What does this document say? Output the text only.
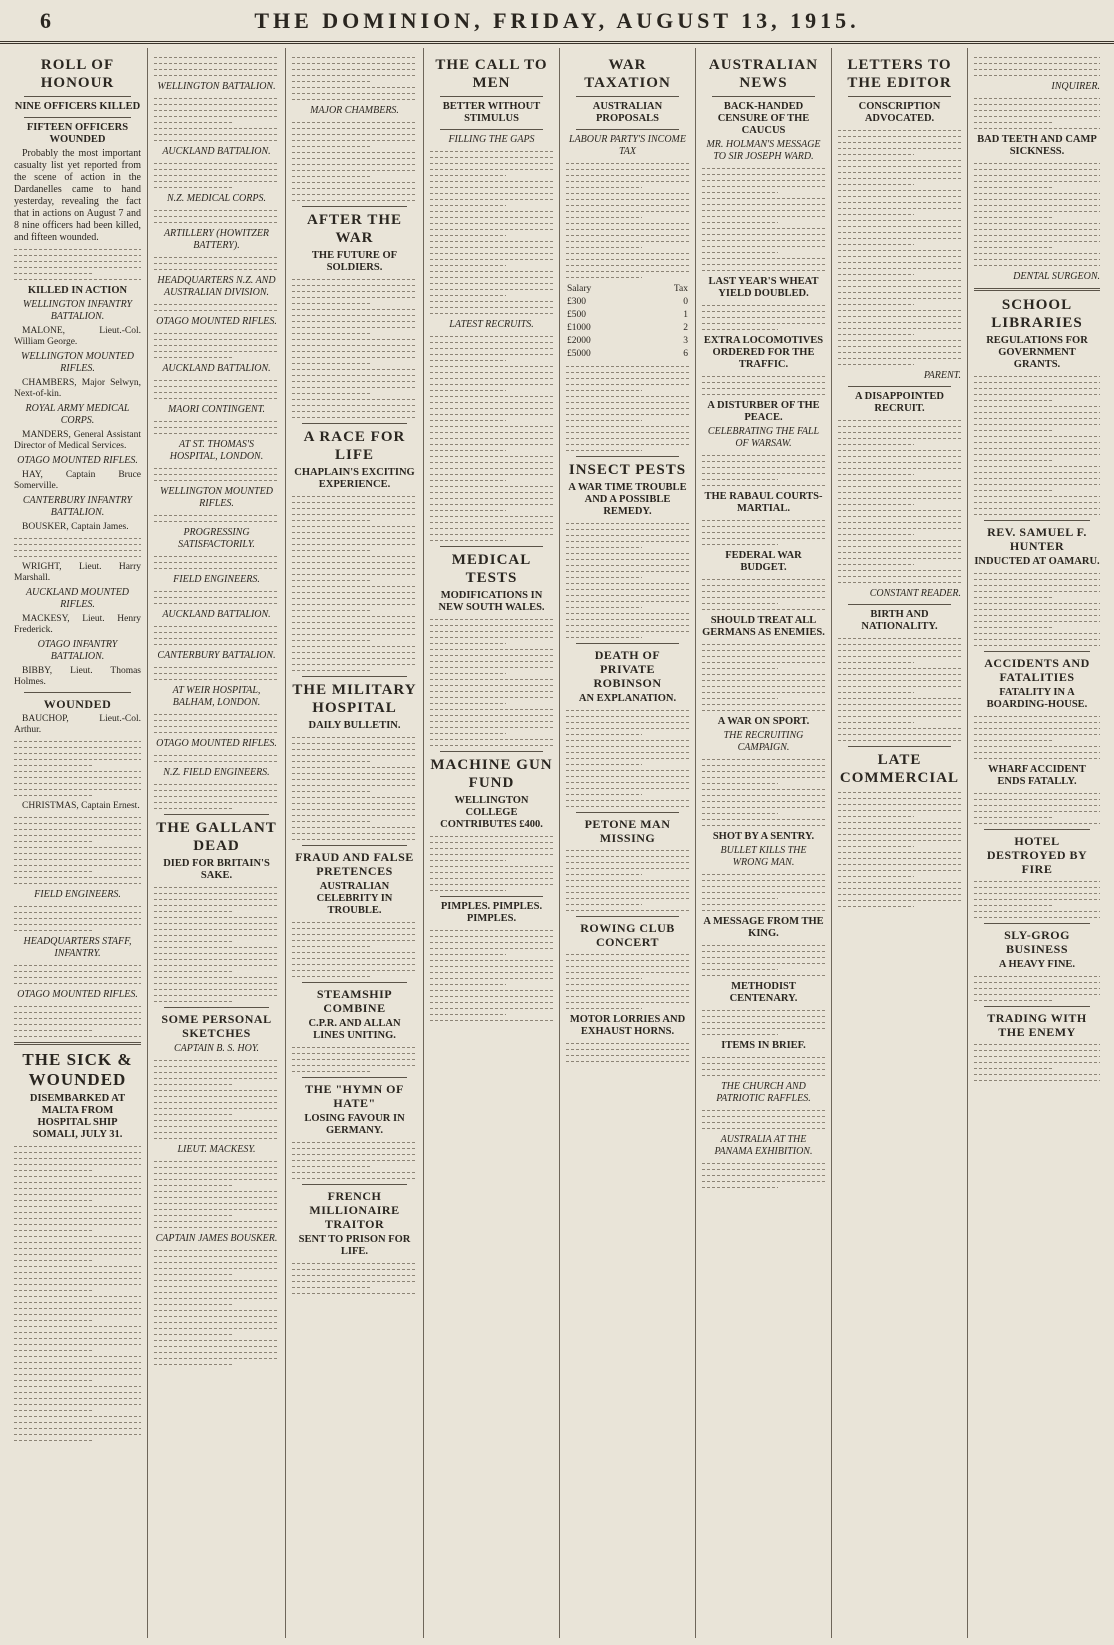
6	THE DOMINION, FRIDAY, AUGUST 13, 1915.
ROLL OF HONOUR
NINE OFFICERS KILLED
FIFTEEN OFFICERS WOUNDED

Probably the most important casualty list yet reported from the scene of action in the Dardanelles came to hand yesterday, revealing the fact that in actions on August 7 and 8 nine officers had been killed, and fifteen wounded.

KILLED IN ACTION
WELLINGTON INFANTRY BATTALION.

MALONE, Lieut.-Col. William George.

WELLINGTON MOUNTED RIFLES.

CHAMBERS, Major Selwyn, Next-of-kin.

ROYAL ARMY MEDICAL CORPS.

MANDERS, General Assistant Director of Medical Services.

OTAGO MOUNTED RIFLES.

HAY, Captain Bruce Somerville.

CANTERBURY INFANTRY BATTALION.

BOUSKER, Captain James.

WRIGHT, Lieut. Harry Marshall.

AUCKLAND MOUNTED RIFLES.

MACKESY, Lieut. Henry Frederick.

OTAGO INFANTRY BATTALION.

BIBBY, Lieut. Thomas Holmes.

WOUNDED

BAUCHOP, Lieut.-Col. Arthur.

CHRISTMAS, Captain Ernest.

FIELD ENGINEERS.
HEADQUARTERS STAFF, INFANTRY.
OTAGO MOUNTED RIFLES.
THE SICK & WOUNDED
DISEMBARKED AT MALTA FROM HOSPITAL SHIP SOMALI, JULY 31.
WELLINGTON BATTALION.
AUCKLAND BATTALION.
N.Z. MEDICAL CORPS.
ARTILLERY (HOWITZER BATTERY).
HEADQUARTERS N.Z. AND AUSTRALIAN DIVISION.
OTAGO MOUNTED RIFLES.
AUCKLAND BATTALION.
MAORI CONTINGENT.
AT ST. THOMAS'S HOSPITAL, LONDON.
WELLINGTON MOUNTED RIFLES.
PROGRESSING SATISFACTORILY.
FIELD ENGINEERS.
AUCKLAND BATTALION.
CANTERBURY BATTALION.
AT WEIR HOSPITAL, BALHAM, LONDON.
OTAGO MOUNTED RIFLES.
N.Z. FIELD ENGINEERS.
THE GALLANT DEAD
DIED FOR BRITAIN'S SAKE.
SOME PERSONAL SKETCHES
CAPTAIN B. S. HOY.
LIEUT. MACKESY.
CAPTAIN JAMES BOUSKER.
MAJOR CHAMBERS.
AFTER THE WAR
THE FUTURE OF SOLDIERS.
A RACE FOR LIFE
CHAPLAIN'S EXCITING EXPERIENCE.
THE MILITARY HOSPITAL
DAILY BULLETIN.
FRAUD AND FALSE PRETENCES
AUSTRALIAN CELEBRITY IN TROUBLE.
STEAMSHIP COMBINE
C.P.R. AND ALLAN LINES UNITING.
THE "HYMN OF HATE"
LOSING FAVOUR IN GERMANY.
FRENCH MILLIONAIRE TRAITOR
SENT TO PRISON FOR LIFE.
THE CALL TO MEN
BETTER WITHOUT STIMULUS
FILLING THE GAPS
LATEST RECRUITS.
MEDICAL TESTS
MODIFICATIONS IN NEW SOUTH WALES.
MACHINE GUN FUND
WELLINGTON COLLEGE CONTRIBUTES £400.
PIMPLES. PIMPLES. PIMPLES.
WAR TAXATION
AUSTRALIAN PROPOSALS
LABOUR PARTY'S INCOME TAX
Salary	Tax
£300	0
£500	1
£1000	2
£2000	3
£5000	6
INSECT PESTS
A WAR TIME TROUBLE AND A POSSIBLE REMEDY.
DEATH OF PRIVATE ROBINSON
AN EXPLANATION.
PETONE MAN MISSING
ROWING CLUB CONCERT
MOTOR LORRIES AND EXHAUST HORNS.
AUSTRALIAN NEWS
BACK-HANDED CENSURE OF THE CAUCUS
MR. HOLMAN'S MESSAGE TO SIR JOSEPH WARD.
LAST YEAR'S WHEAT YIELD DOUBLED.
EXTRA LOCOMOTIVES ORDERED FOR THE TRAFFIC.
A DISTURBER OF THE PEACE.
CELEBRATING THE FALL OF WARSAW.
THE RABAUL COURTS-MARTIAL.
FEDERAL WAR BUDGET.
SHOULD TREAT ALL GERMANS AS ENEMIES.
A WAR ON SPORT.
THE RECRUITING CAMPAIGN.
SHOT BY A SENTRY.
BULLET KILLS THE WRONG MAN.
A MESSAGE FROM THE KING.
METHODIST CENTENARY.
ITEMS IN BRIEF.
THE CHURCH AND PATRIOTIC RAFFLES.
AUSTRALIA AT THE PANAMA EXHIBITION.
LETTERS TO THE EDITOR
CONSCRIPTION ADVOCATED.
PARENT.
A DISAPPOINTED RECRUIT.
CONSTANT READER.
BIRTH AND NATIONALITY.
LATE COMMERCIAL
INQUIRER.
BAD TEETH AND CAMP SICKNESS.
DENTAL SURGEON.
SCHOOL LIBRARIES
REGULATIONS FOR GOVERNMENT GRANTS.
REV. SAMUEL F. HUNTER
INDUCTED AT OAMARU.
ACCIDENTS AND FATALITIES
FATALITY IN A BOARDING-HOUSE.
WHARF ACCIDENT ENDS FATALLY.
HOTEL DESTROYED BY FIRE
SLY-GROG BUSINESS
A HEAVY FINE.
TRADING WITH THE ENEMY
